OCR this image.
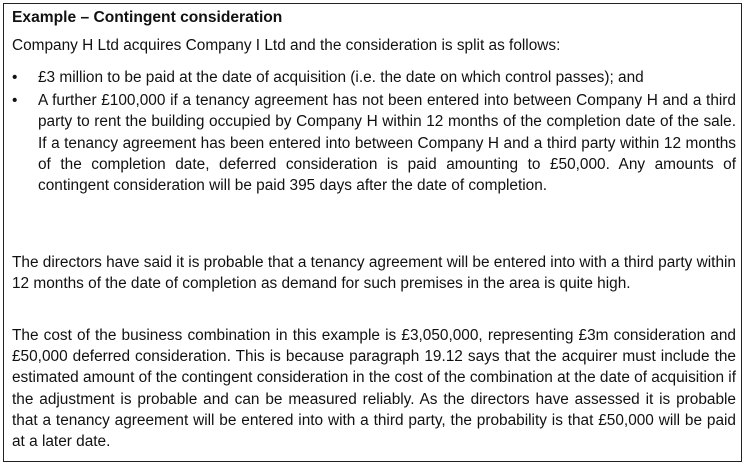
Example – Contingent consideration
Company H Ltd acquires Company I Ltd and the consideration is split as follows:
• £3 million to be paid at the date of acquisition (i.e. the date on which control passes); and
• A further £100,000 if a tenancy agreement has not been entered into between Company H and a third party to rent the building occupied by Company H within 12 months of the completion date of the sale. If a tenancy agreement has been entered into between Company H and a third party within 12 months of the completion date, deferred consideration is paid amounting to £50,000. Any amounts of contingent consideration will be paid 395 days after the date of completion.
The directors have said it is probable that a tenancy agreement will be entered into with a third party within 12 months of the date of completion as demand for such premises in the area is quite high.
The cost of the business combination in this example is £3,050,000, representing £3m consideration and £50,000 deferred consideration. This is because paragraph 19.12 says that the acquirer must include the estimated amount of the contingent consideration in the cost of the combination at the date of acquisition if the adjustment is probable and can be measured reliably. As the directors have assessed it is probable that a tenancy agreement will be entered into with a third party, the probability is that £50,000 will be paid at a later date.
